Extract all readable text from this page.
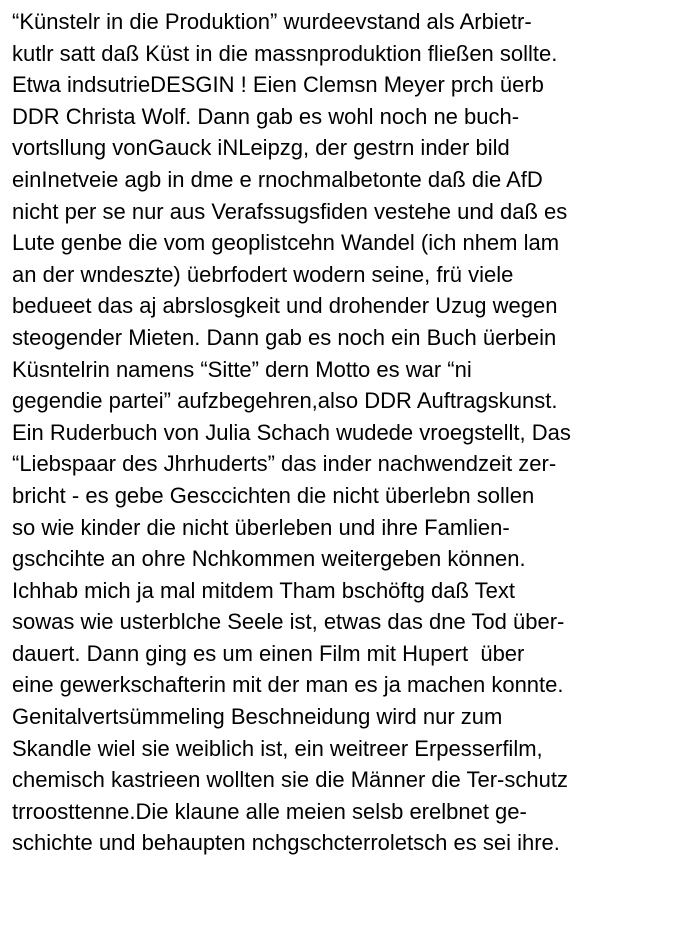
“Künstelr in die Produktion” wurdeevstand als Arbietr-
kutlr satt daß Küst in die massnproduktion fließen sollte.
Etwa indsutrieDESGIN ! Eien Clemsn Meyer prch üerb
DDR Christa Wolf. Dann gab es wohl noch ne buch-
vortsllung vonGauck iNLeipzg, der gestrn inder bild
einInetveie agb in dme e rnochmalbetonte daß die AfD
nicht per se nur aus Verafssugsfiden vestehe und daß es
Lute genbe die vom geoplistcehn Wandel (ich nhem lam
an der wndeszte) üebrfodert wodern seine, frü viele
bedueet das aj abrslosgkeit und drohender Uzug wegen
steogender Mieten. Dann gab es noch ein Buch üerbein
Küsntelrin namens “Sitte” dern Motto es war “ni
gegendie partei” aufzbegehren,also DDR Auftragskunst.
Ein Ruderbuch von Julia Schach wudede vroegstellt, Das
“Liebspaar des Jhrhuderts” das inder nachwendzeit zer-
bricht - es gebe Gesccichten die nicht überlebn sollen
so wie kinder die nicht überleben und ihre Famlien-
gschcihte an ohre Nchkommen weitergeben können.
Ichhab mich ja mal mitdem Tham bschöftg daß Text
sowas wie usterblche Seele ist, etwas das dne Tod über-
dauert. Dann ging es um einen Film mit Hupert  über
eine gewerkschafterin mit der man es ja machen konnte.
Genitalvertsümmeling Beschneidung wird nur zum
Skandle wiel sie weiblich ist, ein weitreer Erpesserfilm,
chemisch kastrieen wollten sie die Männer die Ter-schutz
trroosttenne.Die klaune alle meien selsb erelbnet ge-
schichte und behaupten nchgschcterroletsch es sei ihre.
